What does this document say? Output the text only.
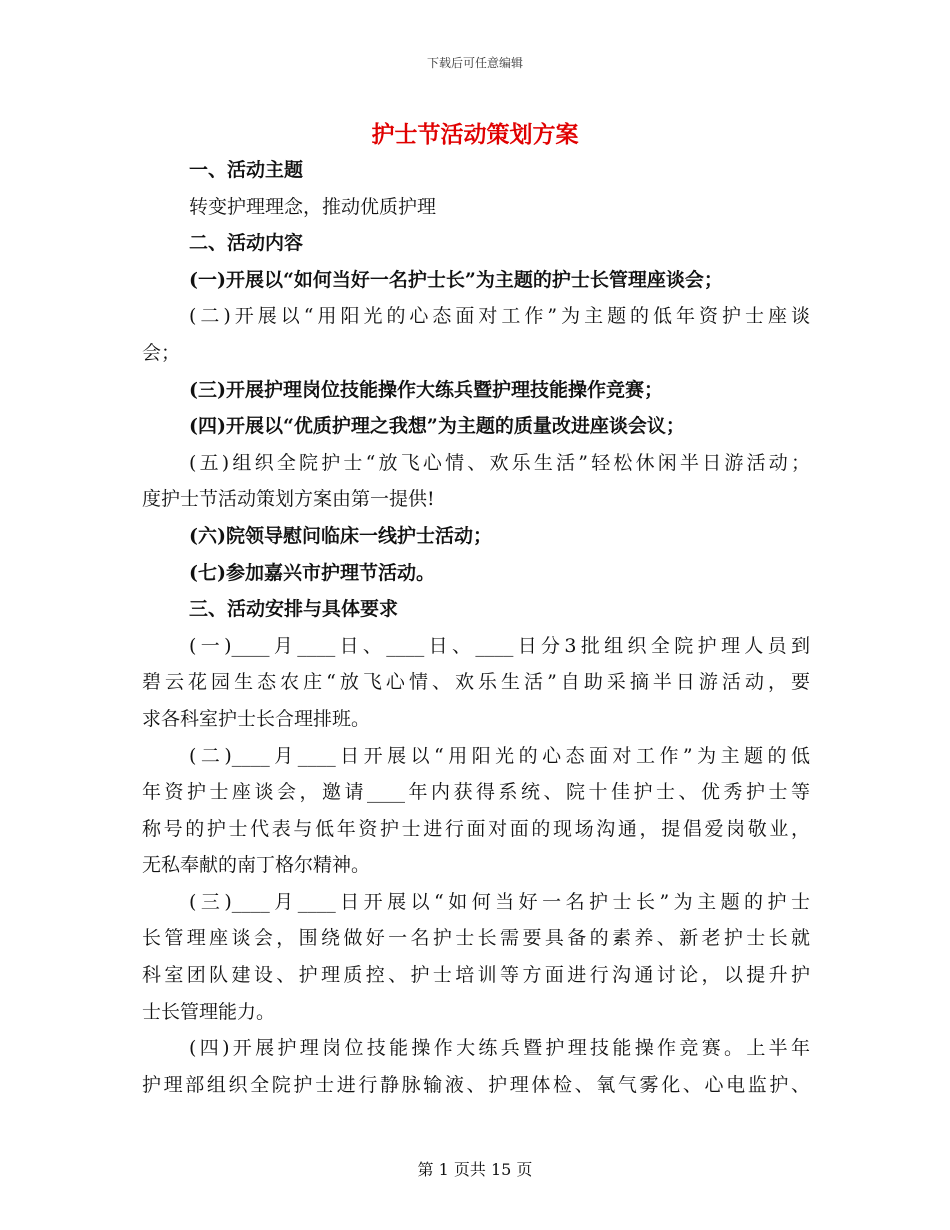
下载后可任意编辑
护士节活动策划方案
一、活动主题
转变护理理念，推动优质护理
二、活动内容
(一)开展以“如何当好一名护士长”为主题的护士长管理座谈会；
(二)开展以“用阳光的心态面对工作”为主题的低年资护士座谈
会；
(三)开展护理岗位技能操作大练兵暨护理技能操作竞赛；
(四)开展以“优质护理之我想”为主题的质量改进座谈会议；
(五)组织全院护士“放飞心情、欢乐生活”轻松休闲半日游活动；
度护士节活动策划方案由第一提供!
(六)院领导慰问临床一线护士活动；
(七)参加嘉兴市护理节活动。
三、活动安排与具体要求
(一)____月____日、____日、____日分3批组织全院护理人员到
碧云花园生态农庄“放飞心情、欢乐生活”自助采摘半日游活动，要
求各科室护士长合理排班。
(二)____月____日开展以“用阳光的心态面对工作”为主题的低
年资护士座谈会，邀请____年内获得系统、院十佳护士、优秀护士等
称号的护士代表与低年资护士进行面对面的现场沟通，提倡爱岗敬业，
无私奉献的南丁格尔精神。
(三)____月____日开展以“如何当好一名护士长”为主题的护士
长管理座谈会，围绕做好一名护士长需要具备的素养、新老护士长就
科室团队建设、护理质控、护士培训等方面进行沟通讨论，以提升护
士长管理能力。
(四)开展护理岗位技能操作大练兵暨护理技能操作竞赛。上半年
护理部组织全院护士进行静脉输液、护理体检、氧气雾化、心电监护、
第 1 页共 15 页
